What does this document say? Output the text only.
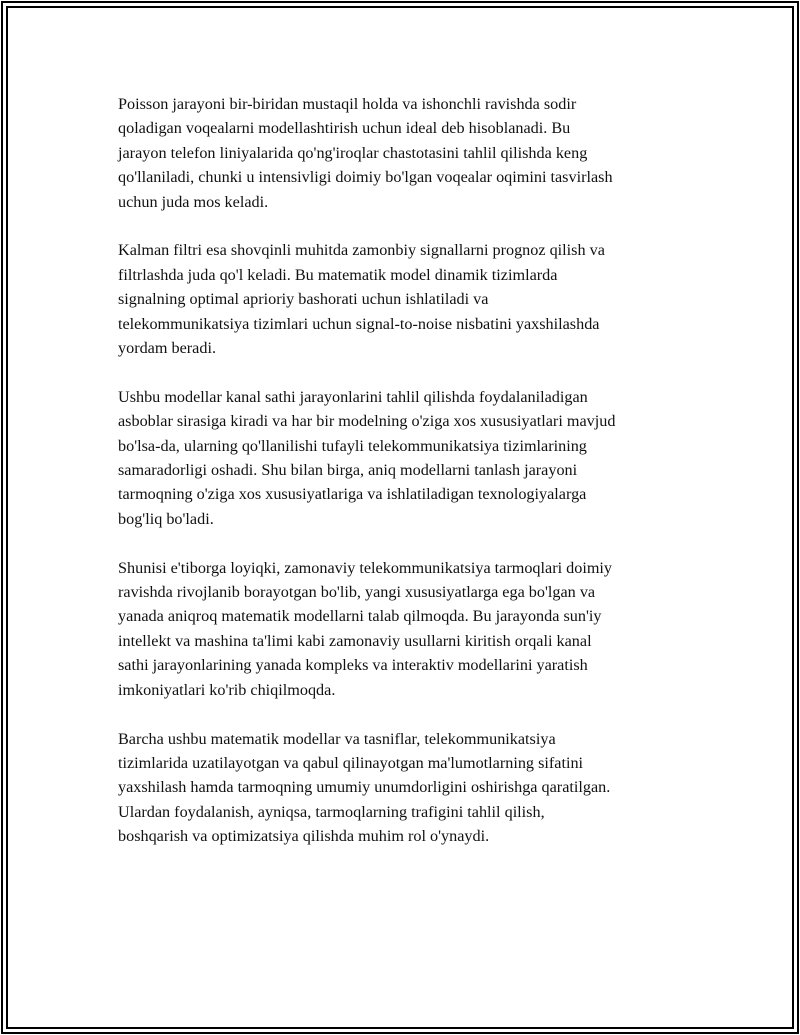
Poisson jarayoni bir-biridan mustaqil holda va ishonchli ravishda sodir
qoladigan voqealarni modellashtirish uchun ideal deb hisoblanadi. Bu
jarayon telefon liniyalarida qo'ng'iroqlar chastotasini tahlil qilishda keng
qo'llaniladi, chunki u intensivligi doimiy bo'lgan voqealar oqimini tasvirlash
uchun juda mos keladi.

Kalman filtri esa shovqinli muhitda zamonbiy signallarni prognoz qilish va
filtrlashda juda qo'l keladi. Bu matematik model dinamik tizimlarda
signalning optimal aprioriy bashorati uchun ishlatiladi va
telekommunikatsiya tizimlari uchun signal-to-noise nisbatini yaxshilashda
yordam beradi.

Ushbu modellar kanal sathi jarayonlarini tahlil qilishda foydalaniladigan
asboblar sirasiga kiradi va har bir modelning o'ziga xos xususiyatlari mavjud
bo'lsa-da, ularning qo'llanilishi tufayli telekommunikatsiya tizimlarining
samaradorligi oshadi. Shu bilan birga, aniq modellarni tanlash jarayoni
tarmoqning o'ziga xos xususiyatlariga va ishlatiladigan texnologiyalarga
bog'liq bo'ladi.

Shunisi e'tiborga loyiqki, zamonaviy telekommunikatsiya tarmoqlari doimiy
ravishda rivojlanib borayotgan bo'lib, yangi xususiyatlarga ega bo'lgan va
yanada aniqroq matematik modellarni talab qilmoqda. Bu jarayonda sun'iy
intellekt va mashina ta'limi kabi zamonaviy usullarni kiritish orqali kanal
sathi jarayonlarining yanada kompleks va interaktiv modellarini yaratish
imkoniyatlari ko'rib chiqilmoqda.

Barcha ushbu matematik modellar va tasniflar, telekommunikatsiya
tizimlarida uzatilayotgan va qabul qilinayotgan ma'lumotlarning sifatini
yaxshilash hamda tarmoqning umumiy unumdorligini oshirishga qaratilgan.
Ulardan foydalanish, ayniqsa, tarmoqlarning trafigini tahlil qilish,
boshqarish va optimizatsiya qilishda muhim rol o'ynaydi.
